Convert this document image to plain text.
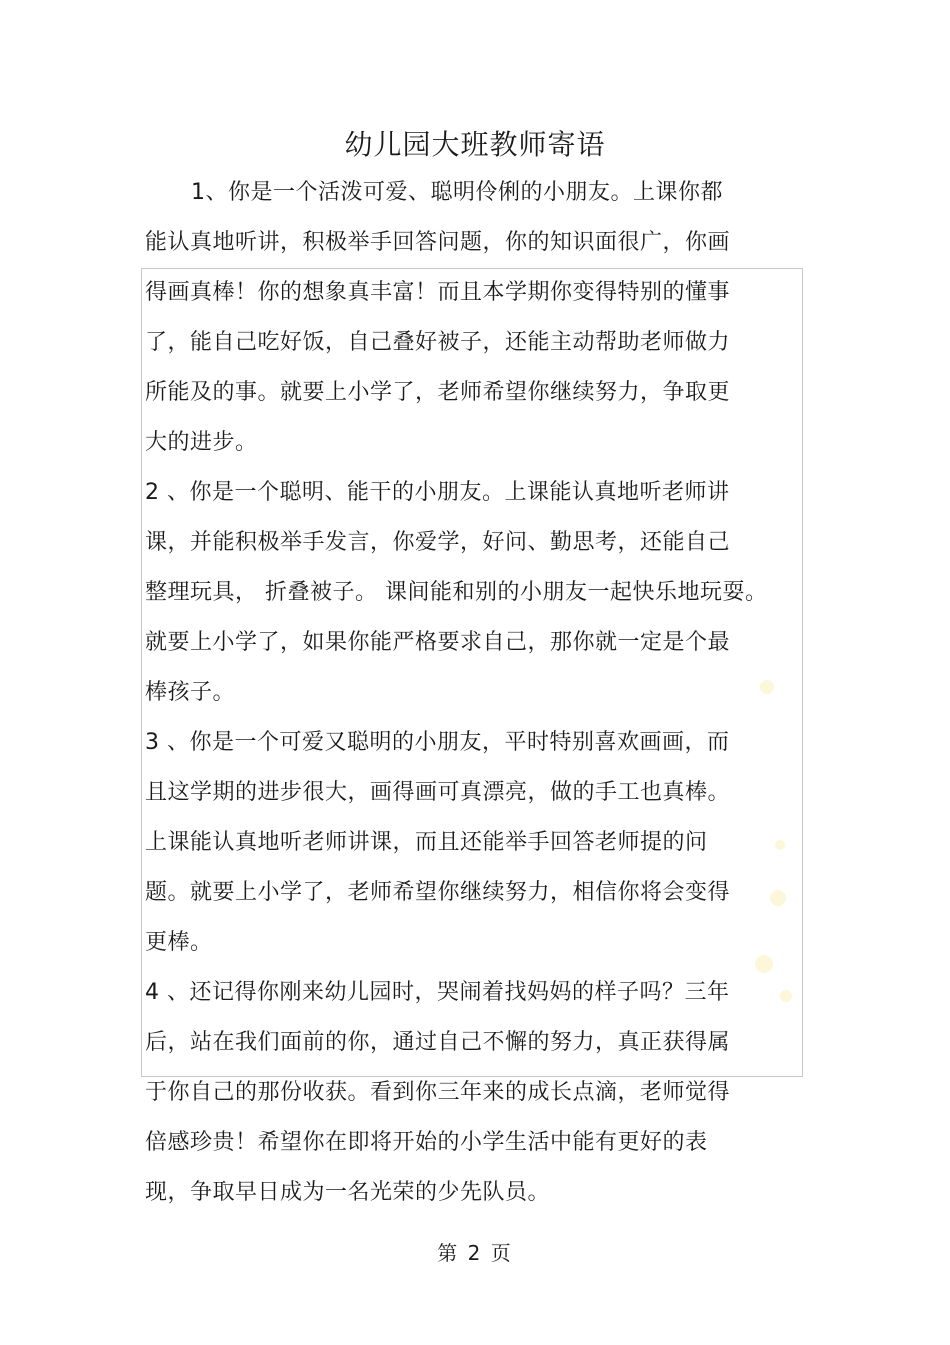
幼儿园大班教师寄语
1、你是一个活泼可爱、聪明伶俐的小朋友。上课你都
能认真地听讲，积极举手回答问题，你的知识面很广，你画
得画真棒！你的想象真丰富！而且本学期你变得特别的懂事
了，能自己吃好饭，自己叠好被子，还能主动帮助老师做力
所能及的事。就要上小学了，老师希望你继续努力，争取更
大的进步。
2 、你是一个聪明、能干的小朋友。上课能认真地听老师讲
课，并能积极举手发言，你爱学，好问、勤思考，还能自己
整理玩具， 折叠被子。 课间能和别的小朋友一起快乐地玩耍。
就要上小学了，如果你能严格要求自己，那你就一定是个最
棒孩子。
3 、你是一个可爱又聪明的小朋友，平时特别喜欢画画，而
且这学期的进步很大，画得画可真漂亮，做的手工也真棒。
上课能认真地听老师讲课，而且还能举手回答老师提的问
题。就要上小学了，老师希望你继续努力，相信你将会变得
更棒。
4 、还记得你刚来幼儿园时，哭闹着找妈妈的样子吗？三年
后，站在我们面前的你，通过自己不懈的努力，真正获得属
于你自己的那份收获。看到你三年来的成长点滴，老师觉得
倍感珍贵！希望你在即将开始的小学生活中能有更好的表
现，争取早日成为一名光荣的少先队员。
第 2 页
